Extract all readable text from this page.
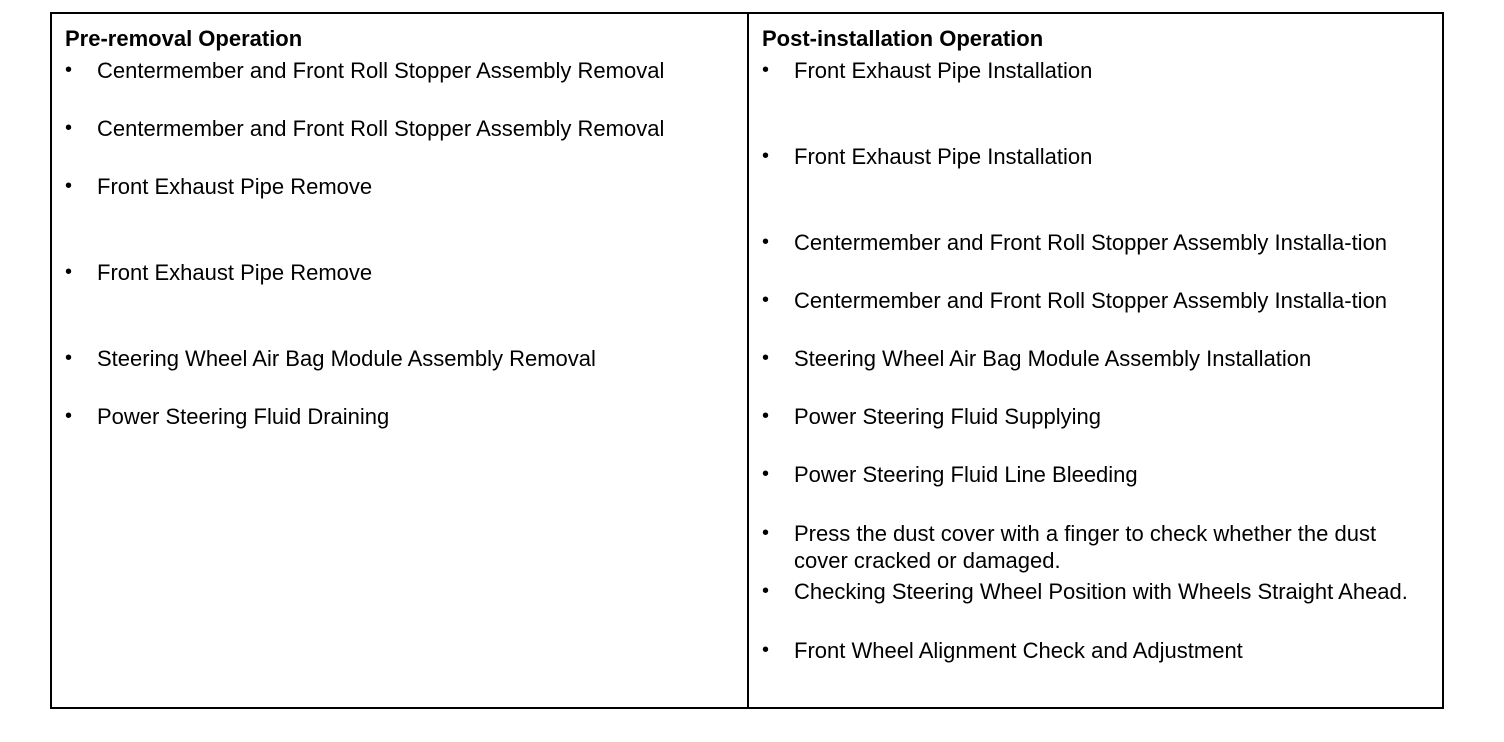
Pre-removal Operation
•	Centermember and Front Roll Stopper Assembly Removal
•	Centermember and Front Roll Stopper Assembly Removal
•	Front Exhaust Pipe Remove
•	Front Exhaust Pipe Remove
•	Steering Wheel Air Bag Module Assembly Removal
•	Power Steering Fluid Draining
Post-installation Operation
•	Front Exhaust Pipe Installation
•	Front Exhaust Pipe Installation
•	Centermember and Front Roll Stopper Assembly Installa-tion
•	Centermember and Front Roll Stopper Assembly Installa-tion
•	Steering Wheel Air Bag Module Assembly Installation
•	Power Steering Fluid Supplying
•	Power Steering Fluid Line Bleeding
•	Press the dust cover with a finger to check whether the dust cover cracked or damaged.
•	Checking Steering Wheel Position with Wheels Straight Ahead.
•	Front Wheel Alignment Check and Adjustment
